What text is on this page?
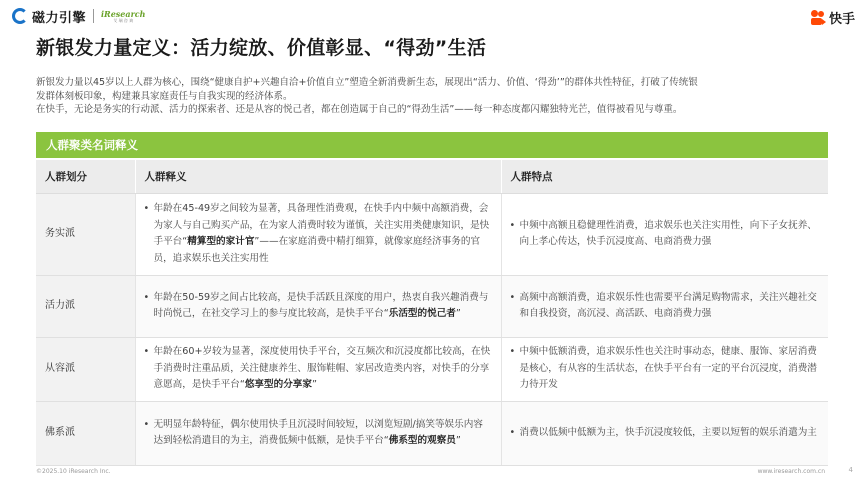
磁力引擎 iResearch
艾 瑞 咨 询	快手
新银发力量定义：活力绽放、价值彰显、“得劲”生活

新银发力量以45岁以上人群为核心，围绕“健康自护+兴趣自洽+价值自立”塑造全新消费新生态，展现出“活力、价值、‘得劲’”的群体共性特征，打破了传统银

发群体刻板印象，构建兼具家庭责任与自我实现的经济体系。

在快手，无论是务实的行动派、活力的探索者、还是从容的悦己者，都在创造属于自己的“得劲生活”——每一种态度都闪耀独特光芒，值得被看见与尊重。

人群聚类名词释义
人群划分	人群释义	人群特点
务实派	• 年龄在45-49岁之间较为显著，具备理性消费观，在快手内中频中高额消费，会为家人与自己购买产品，在为家人消费时较为谨慎，关注实用类健康知识，是快手平台“精算型的家计官”——在家庭消费中精打细算，就像家庭经济事务的官员，追求娱乐也关注实用性	• 中频中高额且稳健理性消费，追求娱乐也关注实用性，向下子女抚养、向上孝心传达，快手沉浸度高、电商消费力强

活力派	• 年龄在50-59岁之间占比较高，是快手活跃且深度的用户，热衷自我兴趣消费与时尚悦己，在社交学习上的参与度比较高，是快手平台“乐活型的悦己者”	• 高频中高额消费，追求娱乐性也需要平台满足购物需求，关注兴趣社交和自我投资，高沉浸、高活跃、电商消费力强

从容派	• 年龄在60+岁较为显著，深度使用快手平台，交互频次和沉浸度都比较高，在快手消费时注重品质，关注健康养生、服饰鞋帽、家居改造类内容，对快手的分享意愿高，是快手平台“悠享型的分享家”	• 中频中低额消费，追求娱乐性也关注时事动态，健康、服饰、家居消费是核心，有从容的生活状态，在快手平台有一定的平台沉浸度，消费潜力待开发

佛系派	• 无明显年龄特征，偶尔使用快手且沉浸时间较短，以浏览短剧/搞笑等娱乐内容达到轻松消遣目的为主，消费低频中低额，是快手平台“佛系型的观察员”	• 消费以低频中低额为主，快手沉浸度较低，主要以短暂的娱乐消遣为主
©2025.10 iResearch Inc.	www.iresearch.com.cn	4
